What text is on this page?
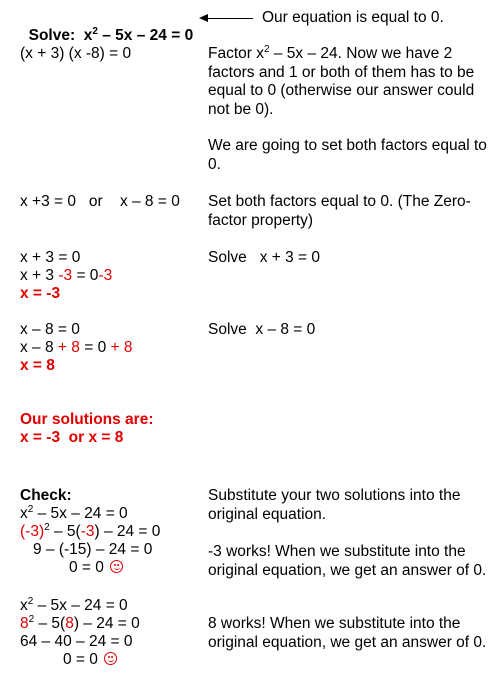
Solve: $x^2 - 5x - 24 = 0$

Our equation is equal to 0.
(x + 3) (x -8) = 0	Factor $x^2 - 5x - 24$. Now we have 2 factors and 1 or both of them has to be equal to 0 (otherwise our answer could not be 0).
We are going to set both factors equal to 0.
x +3 = 0   or    x – 8 = 0 Set both factors equal to 0. (The Zero-factor property)
x + 3 = 0
x + 3 -3 = 0-3
x = -3
Solve   x + 3 = 0
x – 8 = 0
x – 8 + 8 = 0 + 8
x = 8
Solve  x – 8 = 0
Our solutions are:
x = -3  or x = 8
Check:
$x^2 - 5x - 24 = 0$
$(-3)^2 - 5(-3) - 24 = 0$
9 – (-15) – 24 = 0
0 = 0
$x^2 - 5x - 24 = 0$
$8^2 - 5(8) - 24 = 0$
64 – 40 – 24 = 0
0 = 0
Substitute your two solutions into the original equation.
-3 works! When we substitute into the original equation, we get an answer of 0.
8 works! When we substitute into the original equation, we get an answer of 0.
